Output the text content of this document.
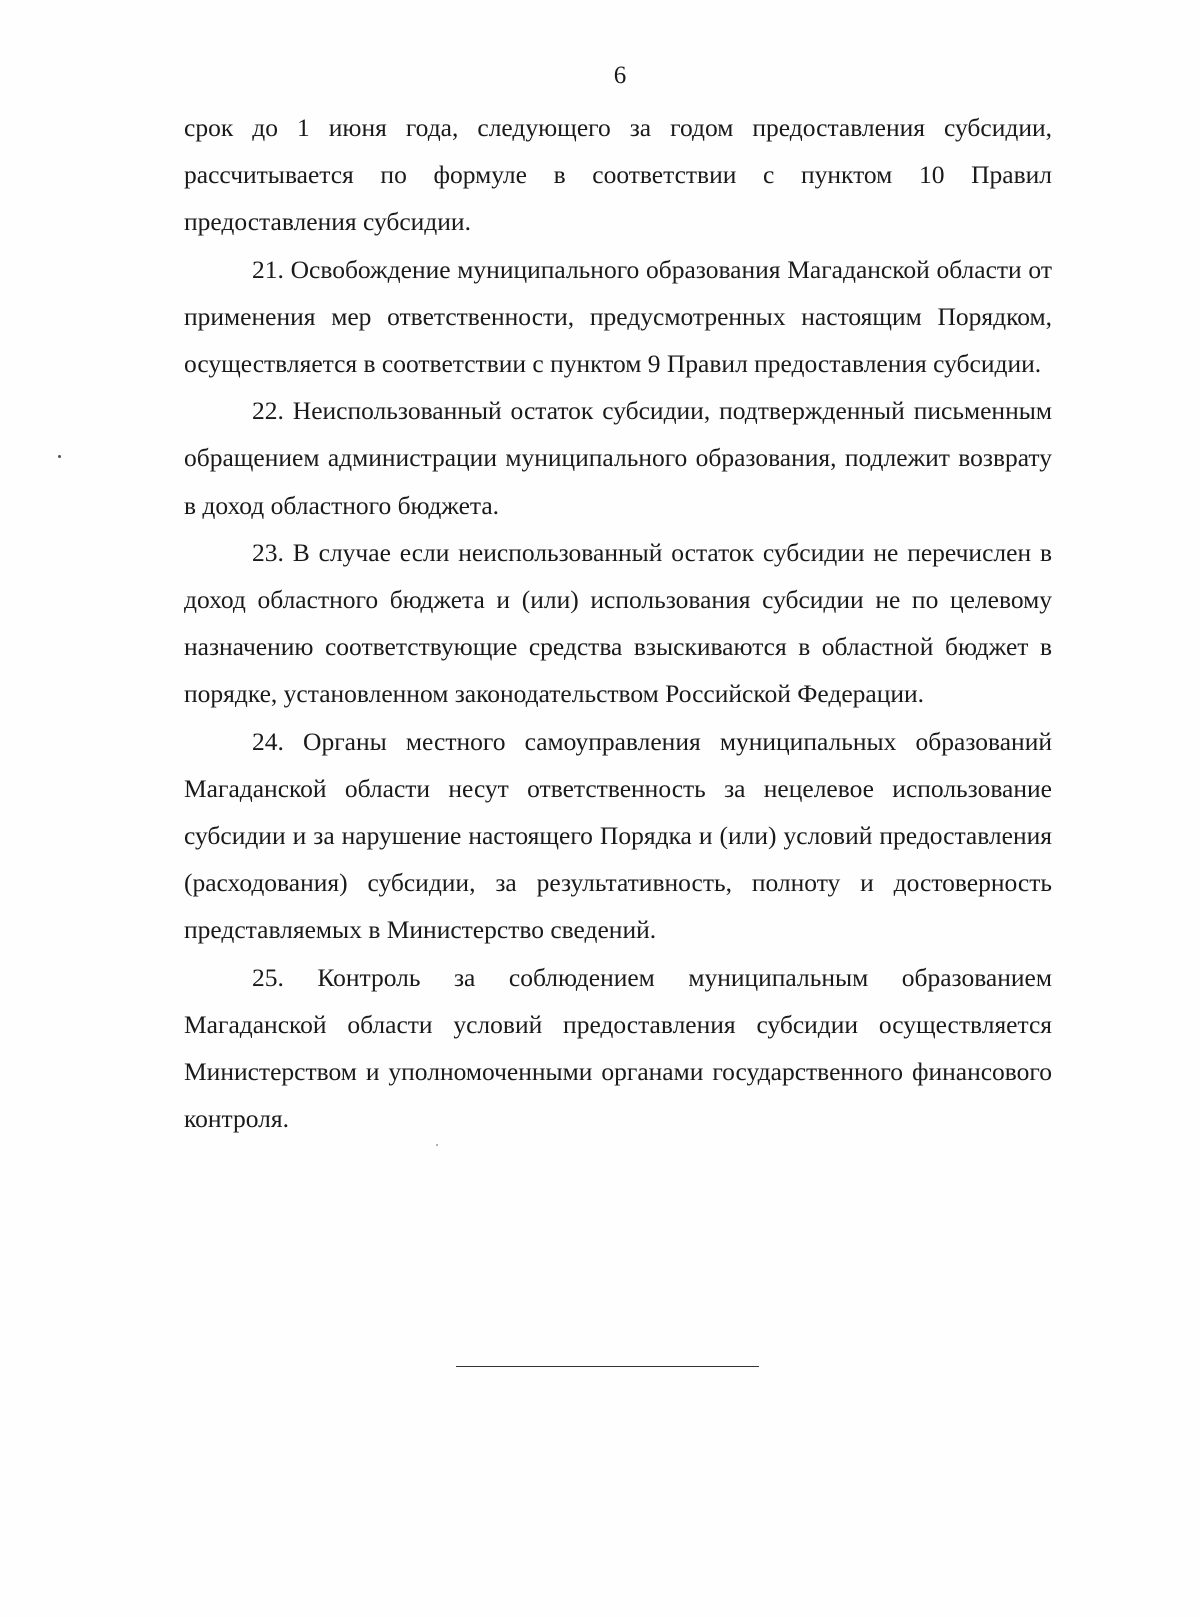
6

срок до 1 июня года, следующего за годом предоставления субсидии, рассчитывается по формуле в соответствии с пунктом 10 Правил предоставления субсидии.

21. Освобождение муниципального образования Магаданской области от применения мер ответственности, предусмотренных настоящим Порядком, осуществляется в соответствии с пунктом 9 Правил предоставления субсидии.

22. Неиспользованный остаток субсидии, подтвержденный письменным обращением администрации муниципального образования, подлежит возврату в доход областного бюджета.

23. В случае если неиспользованный остаток субсидии не перечислен в доход областного бюджета и (или) использования субсидии не по целевому назначению соответствующие средства взыскиваются в областной бюджет в порядке, установленном законодательством Российской Федерации.

24. Органы местного самоуправления муниципальных образований Магаданской области несут ответственность за нецелевое использование субсидии и за нарушение настоящего Порядка и (или) условий предоставления (расходования) субсидии, за результативность, полноту и достоверность представляемых в Министерство сведений.

25. Контроль за соблюдением муниципальным образованием Магаданской области условий предоставления субсидии осуществляется Министерством и уполномоченными органами государственного финансового контроля.
